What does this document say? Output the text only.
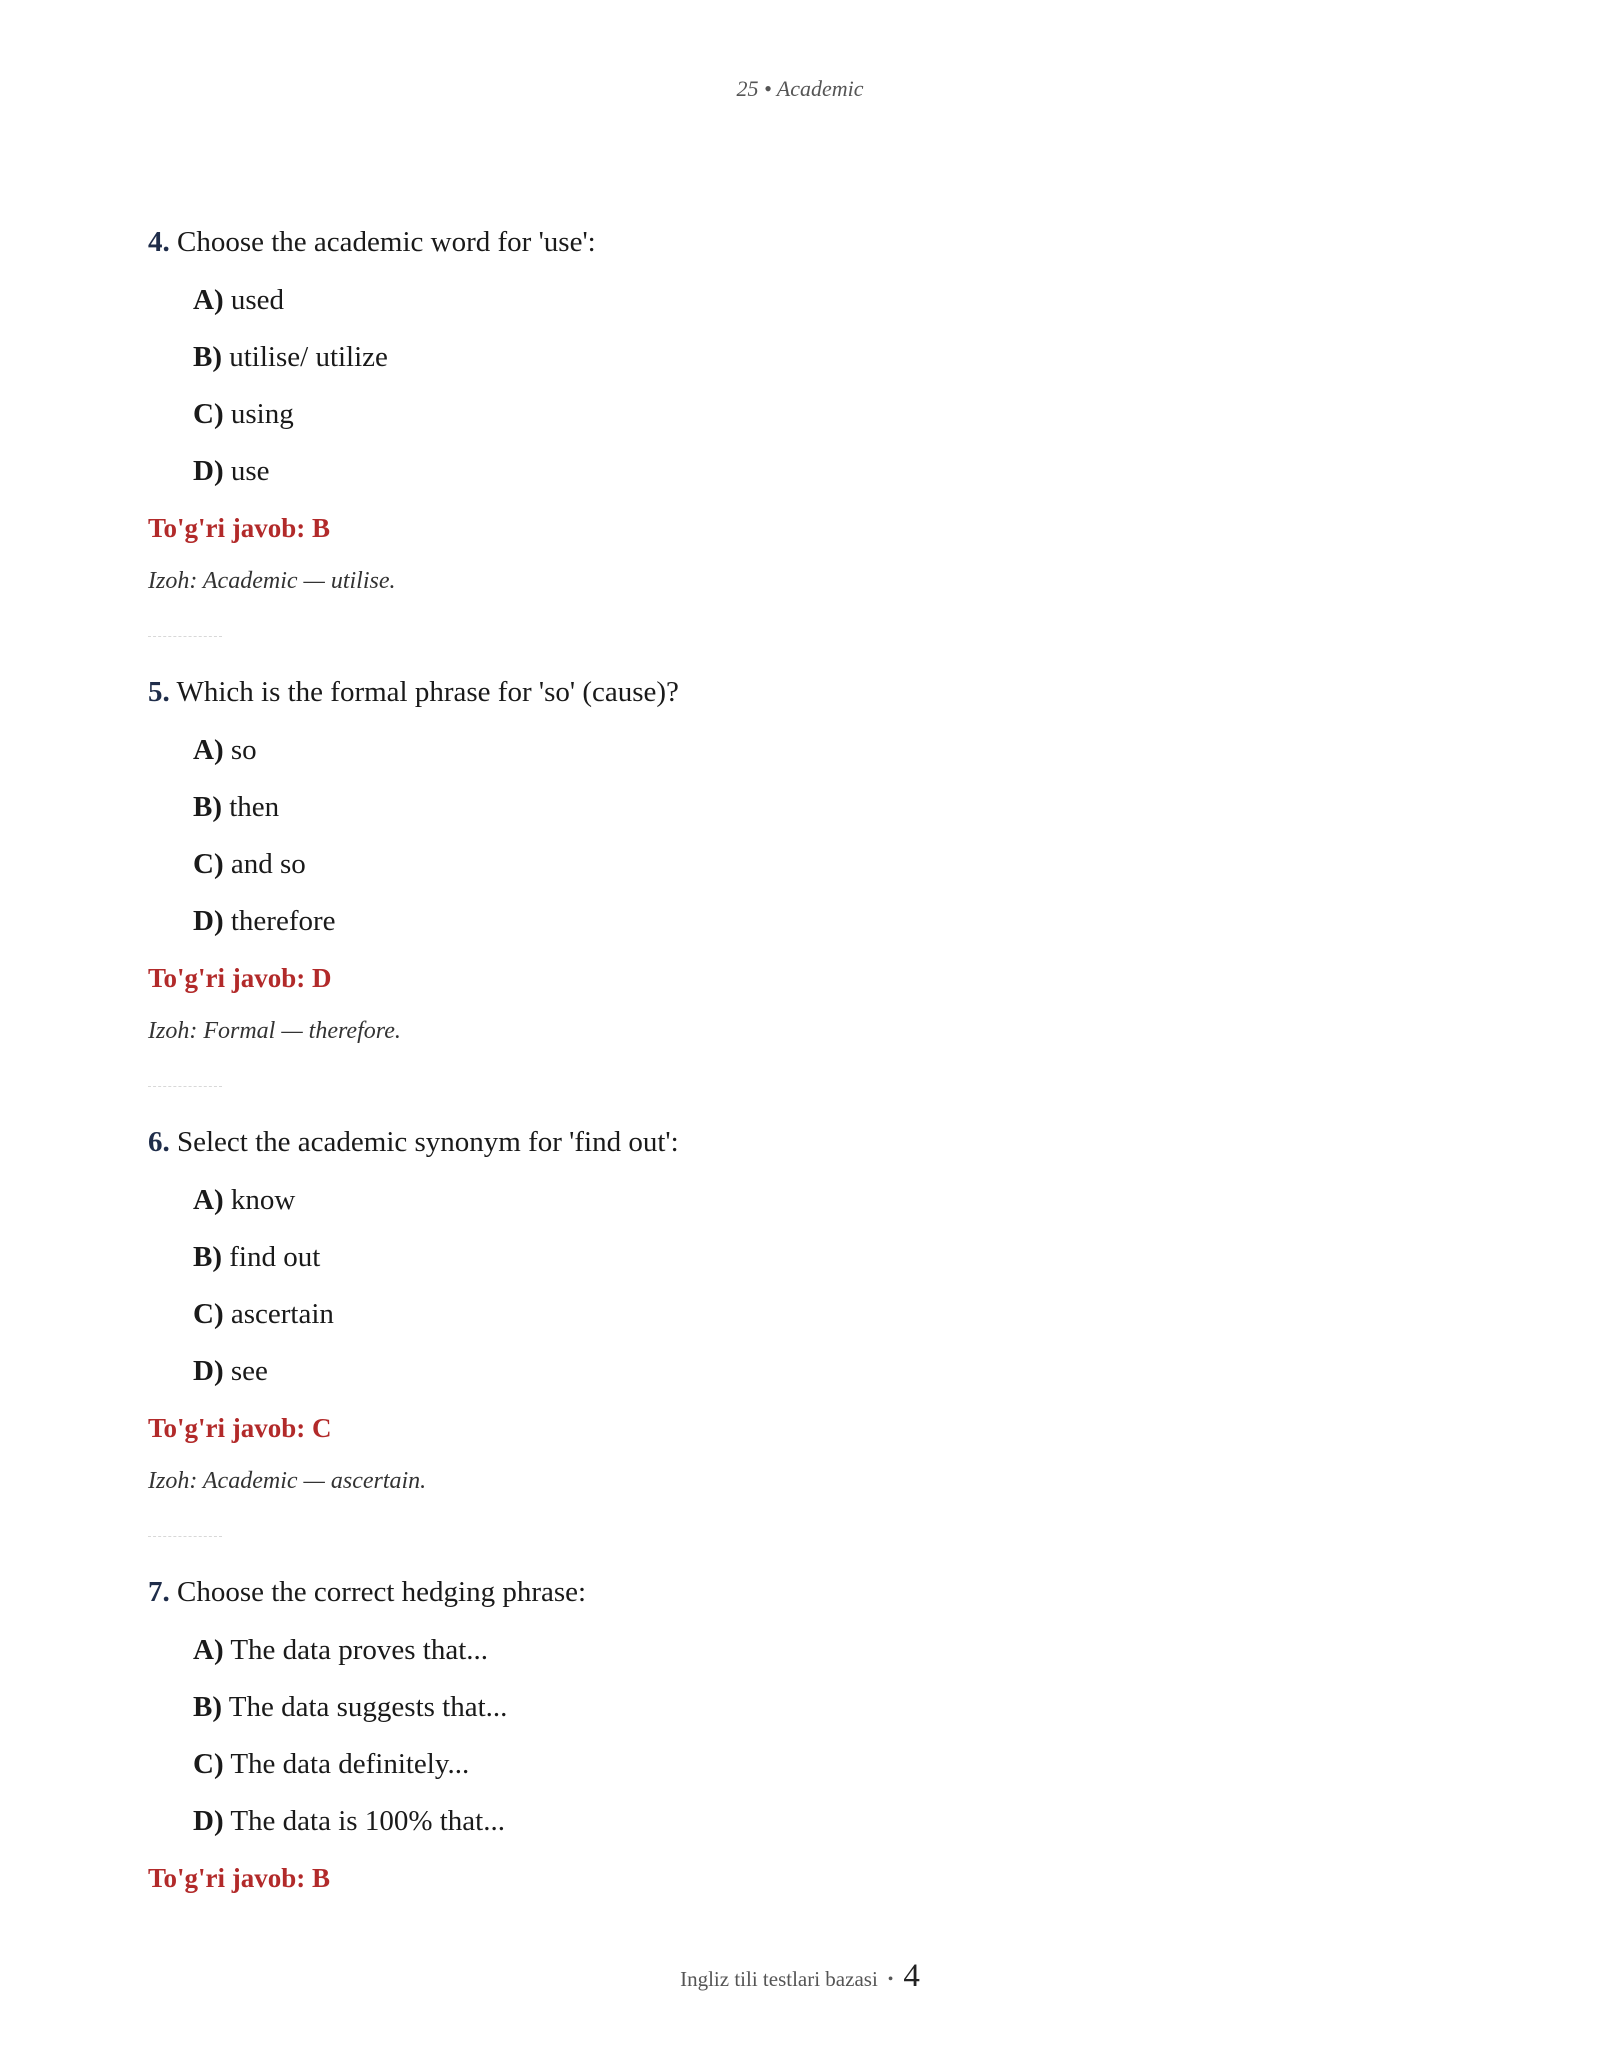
25 • Academic
4. Choose the academic word for 'use':
A) used
B) utilise/ utilize
C) using
D) use
To'g'ri javob: B
Izoh: Academic — utilise.
5. Which is the formal phrase for 'so' (cause)?
A) so
B) then
C) and so
D) therefore
To'g'ri javob: D
Izoh: Formal — therefore.
6. Select the academic synonym for 'find out':
A) know
B) find out
C) ascertain
D) see
To'g'ri javob: C
Izoh: Academic — ascertain.
7. Choose the correct hedging phrase:
A) The data proves that...
B) The data suggests that...
C) The data definitely...
D) The data is 100% that...
To'g'ri javob: B
Ingliz tili testlari bazasi • 4
